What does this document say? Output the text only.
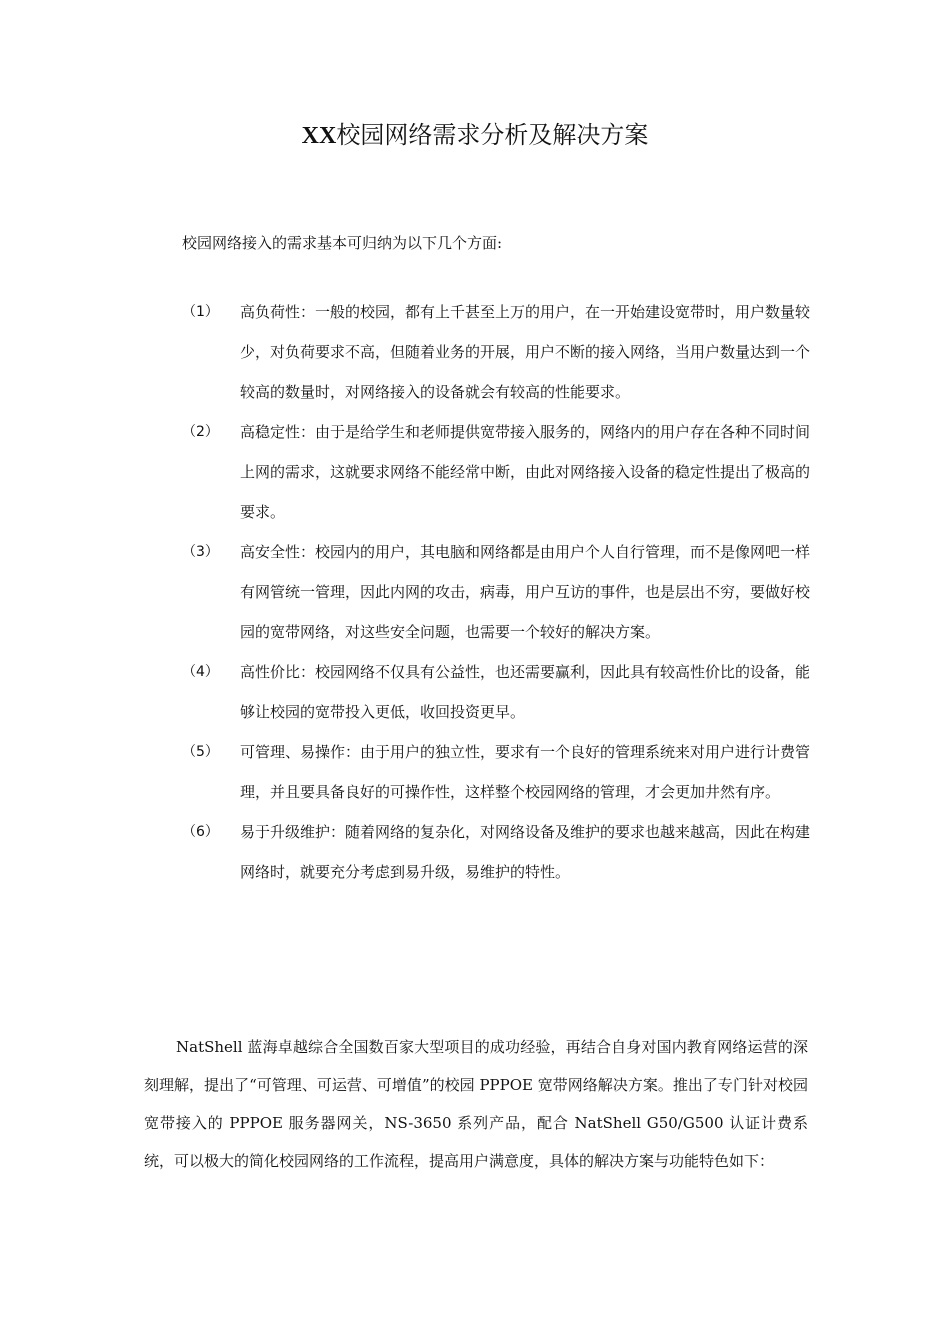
XX校园网络需求分析及解决方案

校园网络接入的需求基本可归纳为以下几个方面:

（1） 高负荷性：一般的校园，都有上千甚至上万的用户，在一开始建设宽带时，用户数量较少，对负荷要求不高，但随着业务的开展，用户不断的接入网络，当用户数量达到一个较高的数量时，对网络接入的设备就会有较高的性能要求。
（2） 高稳定性：由于是给学生和老师提供宽带接入服务的，网络内的用户存在各种不同时间上网的需求，这就要求网络不能经常中断，由此对网络接入设备的稳定性提出了极高的要求。
（3） 高安全性：校园内的用户，其电脑和网络都是由用户个人自行管理，而不是像网吧一样有网管统一管理，因此内网的攻击，病毒，用户互访的事件，也是层出不穷，要做好校园的宽带网络，对这些安全问题，也需要一个较好的解决方案。
（4） 高性价比：校园网络不仅具有公益性，也还需要赢利，因此具有较高性价比的设备，能够让校园的宽带投入更低，收回投资更早。
（5） 可管理、易操作：由于用户的独立性，要求有一个良好的管理系统来对用户进行计费管理，并且要具备良好的可操作性，这样整个校园网络的管理，才会更加井然有序。
（6） 易于升级维护：随着网络的复杂化，对网络设备及维护的要求也越来越高，因此在构建网络时，就要充分考虑到易升级，易维护的特性。

NatShell 蓝海卓越综合全国数百家大型项目的成功经验，再结合自身对国内教育网络运营的深刻理解，提出了“可管理、可运营、可增值”的校园 PPPOE 宽带网络解决方案。推出了专门针对校园宽带接入的 PPPOE 服务器网关，NS-3650 系列产品，配合 NatShell G50/G500 认证计费系统，可以极大的简化校园网络的工作流程，提高用户满意度，具体的解决方案与功能特色如下：
